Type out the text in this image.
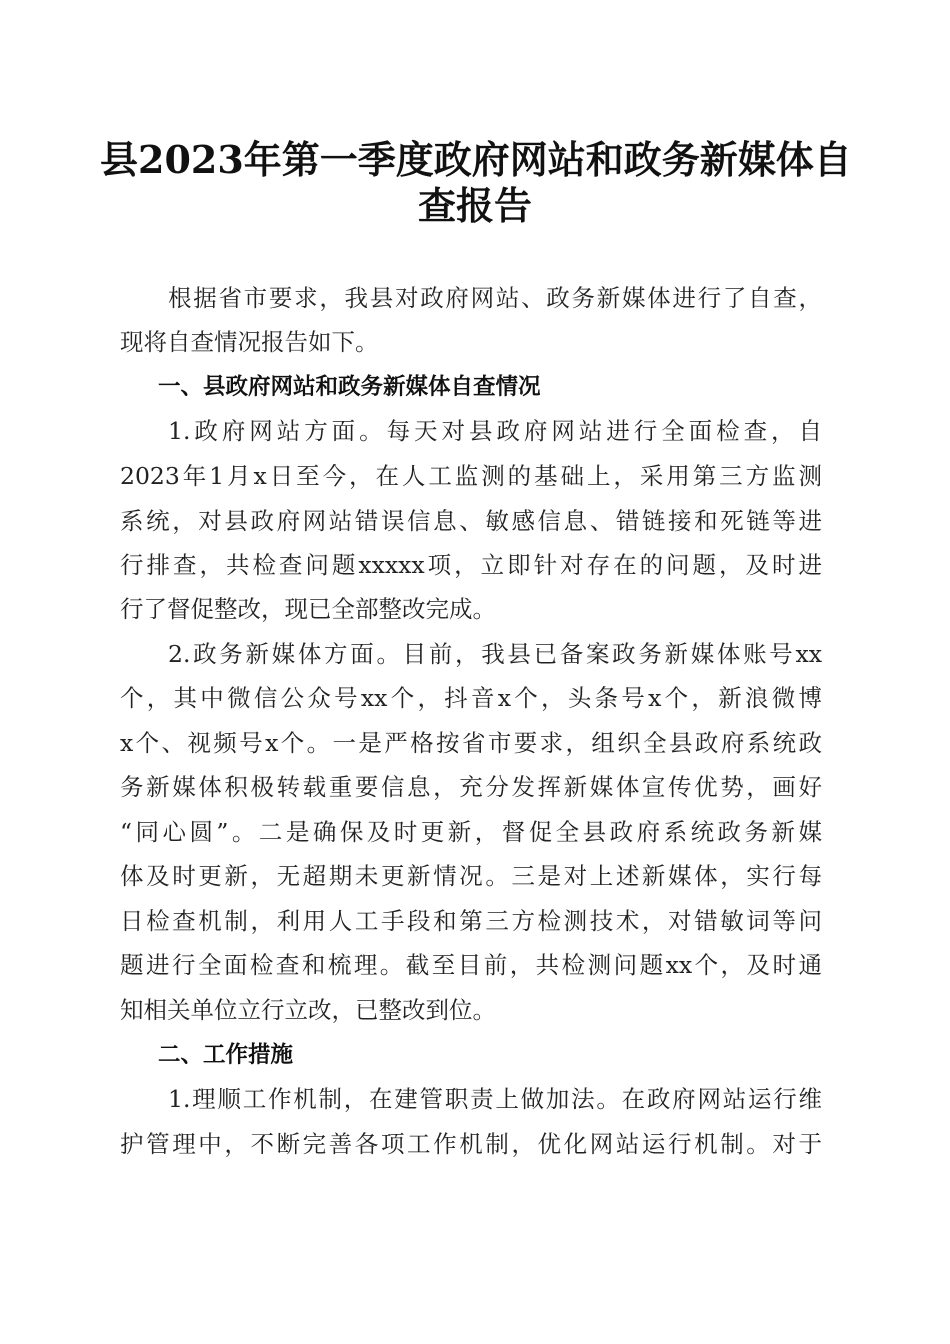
县2023年第一季度政府网站和政务新媒体自
查报告
根据省市要求，我县对政府网站、政务新媒体进行了自查，
现将自查情况报告如下。
一、县政府网站和政务新媒体自查情况
1.政府网站方面。每天对县政府网站进行全面检查，自
2023年1月x日至今，在人工监测的基础上，采用第三方监测
系统，对县政府网站错误信息、敏感信息、错链接和死链等进
行排查，共检查问题xxxxx项，立即针对存在的问题，及时进
行了督促整改，现已全部整改完成。
2.政务新媒体方面。目前，我县已备案政务新媒体账号xx
个，其中微信公众号xx个，抖音x个，头条号x个，新浪微博
x个、视频号x个。一是严格按省市要求，组织全县政府系统政
务新媒体积极转载重要信息，充分发挥新媒体宣传优势，画好
“同心圆”。二是确保及时更新，督促全县政府系统政务新媒
体及时更新，无超期未更新情况。三是对上述新媒体，实行每
日检查机制，利用人工手段和第三方检测技术，对错敏词等问
题进行全面检查和梳理。截至目前，共检测问题xx个，及时通
知相关单位立行立改，已整改到位。
二、工作措施
1.理顺工作机制，在建管职责上做加法。在政府网站运行维
护管理中，不断完善各项工作机制，优化网站运行机制。对于
